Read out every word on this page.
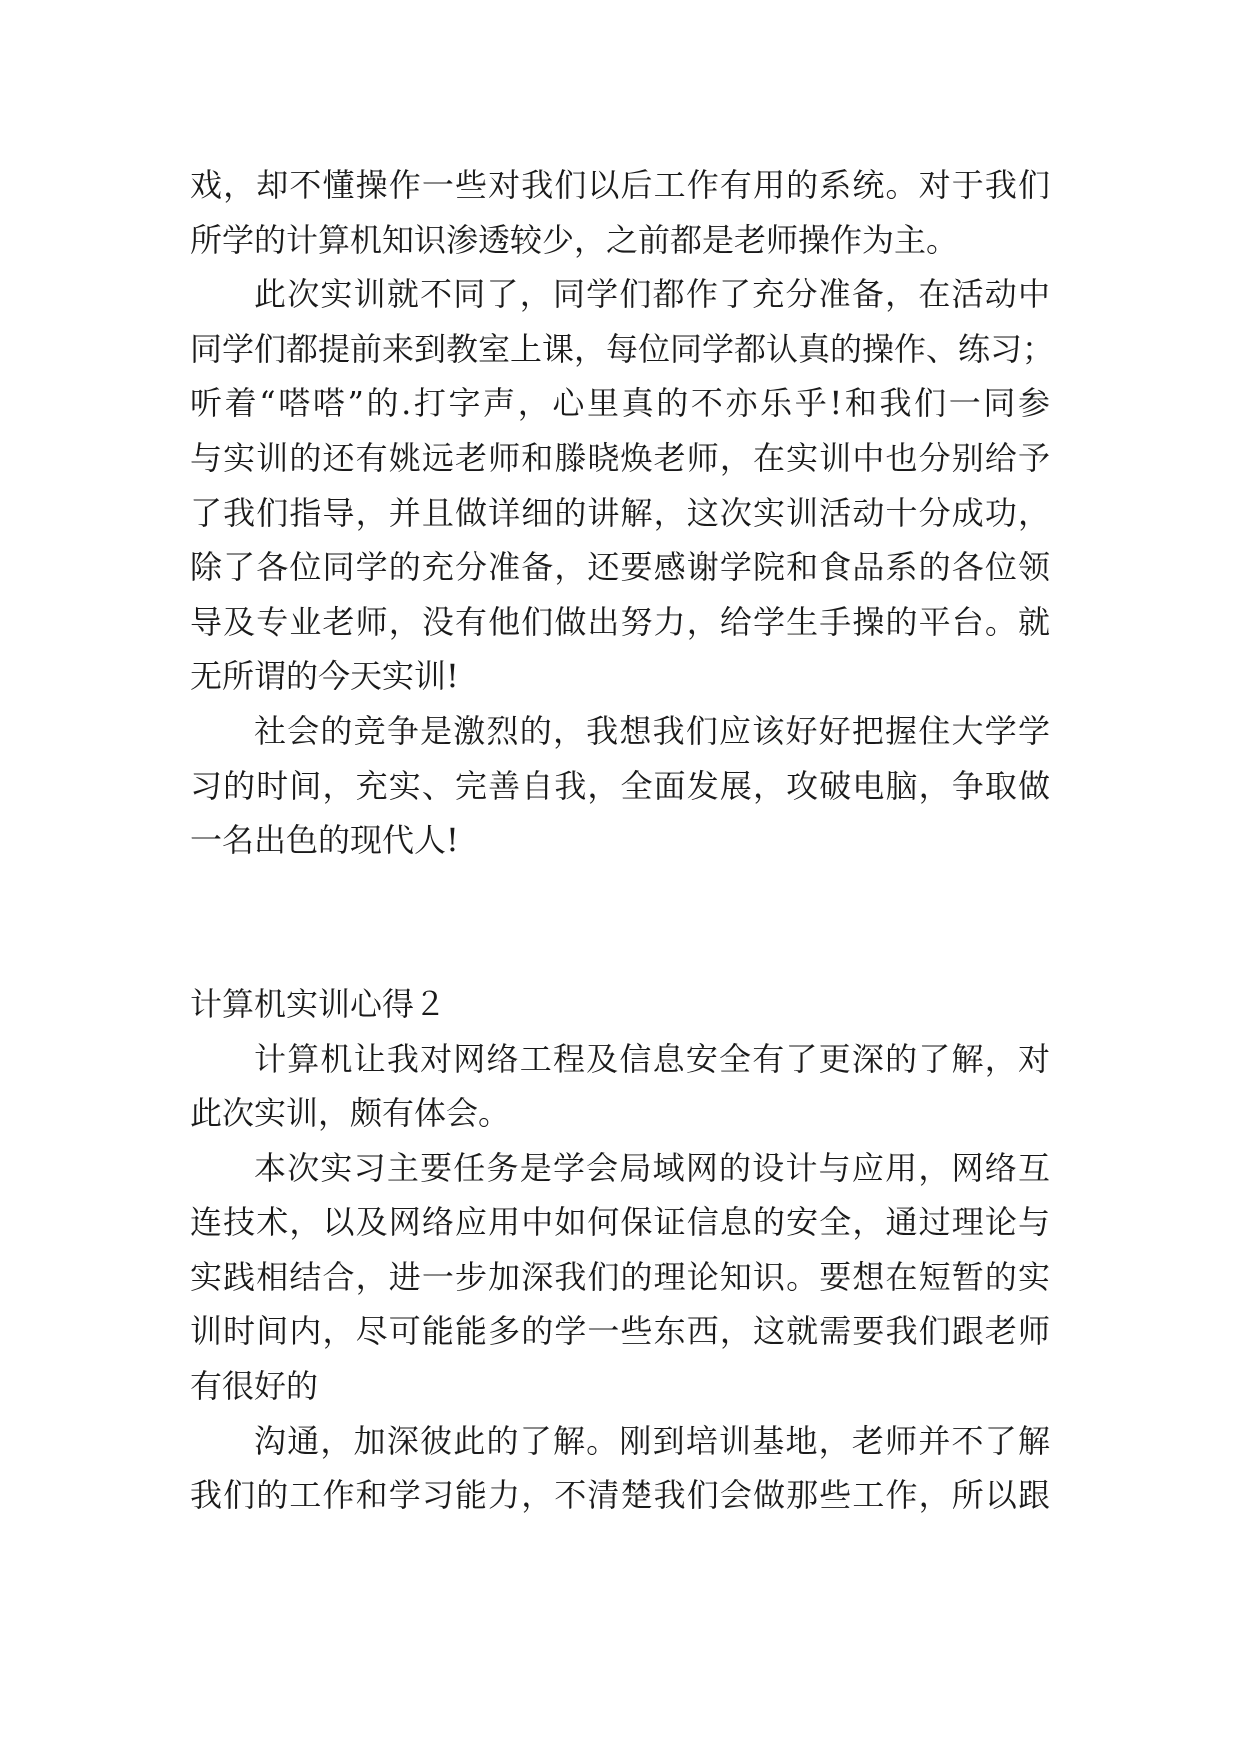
戏，却不懂操作一些对我们以后工作有用的系统。对于我们
所学的计算机知识渗透较少，之前都是老师操作为主。
此次实训就不同了，同学们都作了充分准备，在活动中
同学们都提前来到教室上课，每位同学都认真的操作、练习；
听着“嗒嗒”的.打字声，心里真的不亦乐乎!和我们一同参
与实训的还有姚远老师和滕晓焕老师，在实训中也分别给予
了我们指导，并且做详细的讲解，这次实训活动十分成功，
除了各位同学的充分准备，还要感谢学院和食品系的各位领
导及专业老师，没有他们做出努力，给学生手操的平台。就
无所谓的今天实训!
社会的竞争是激烈的，我想我们应该好好把握住大学学
习的时间，充实、完善自我，全面发展，攻破电脑，争取做
一名出色的现代人!
计算机实训心得２
计算机让我对网络工程及信息安全有了更深的了解，对
此次实训，颇有体会。
本次实习主要任务是学会局域网的设计与应用，网络互
连技术，以及网络应用中如何保证信息的安全，通过理论与
实践相结合，进一步加深我们的理论知识。要想在短暂的实
训时间内，尽可能能多的学一些东西，这就需要我们跟老师
有很好的
沟通，加深彼此的了解。刚到培训基地，老师并不了解
我们的工作和学习能力，不清楚我们会做那些工作，所以跟
